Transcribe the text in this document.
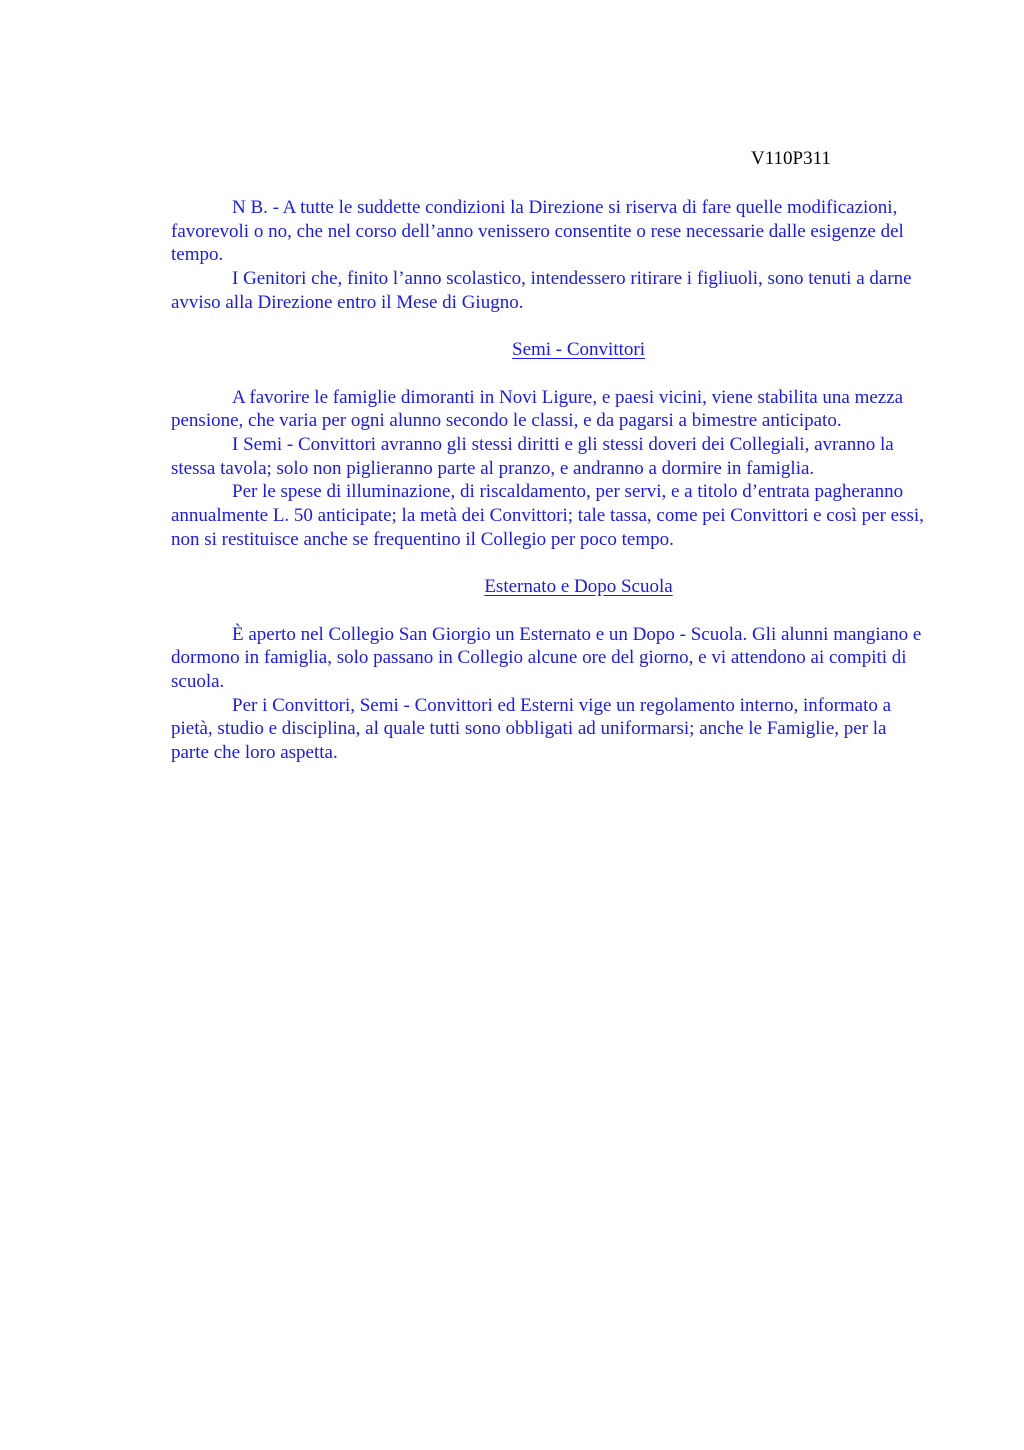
V110P311

N B. - A tutte le suddette condizioni la Direzione si riserva di fare quelle modificazioni, favorevoli o no, che nel corso dell’anno venissero consentite o rese necessarie dalle esigenze del tempo.

I Genitori che, finito l’anno scolastico, intendessero ritirare i figliuoli, sono tenuti a darne avviso alla Direzione entro il Mese di Giugno.

Semi - Convittori

A favorire le famiglie dimoranti in Novi Ligure, e paesi vicini, viene stabilita una mezza pensione, che varia per ogni alunno secondo le classi, e da pagarsi a bimestre anticipato.

I Semi - Convittori avranno gli stessi diritti e gli stessi doveri dei Collegiali, avranno la stessa tavola; solo non piglieranno parte al pranzo, e andranno a dormire in famiglia.

Per le spese di illuminazione, di riscaldamento, per servi, e a titolo d’entrata pagheranno annualmente L. 50 anticipate; la metà dei Convittori; tale tassa, come pei Convittori e così per essi, non si restituisce anche se frequentino il Collegio per poco tempo.

Esternato e Dopo Scuola

È aperto nel Collegio San Giorgio un Esternato e un Dopo - Scuola. Gli alunni mangiano e dormono in famiglia, solo passano in Collegio alcune ore del giorno, e vi attendono ai compiti di scuola.

Per i Convittori, Semi - Convittori ed Esterni vige un regolamento interno, informato a pietà, studio e disciplina, al quale tutti sono obbligati ad uniformarsi; anche le Famiglie, per la parte che loro aspetta.
